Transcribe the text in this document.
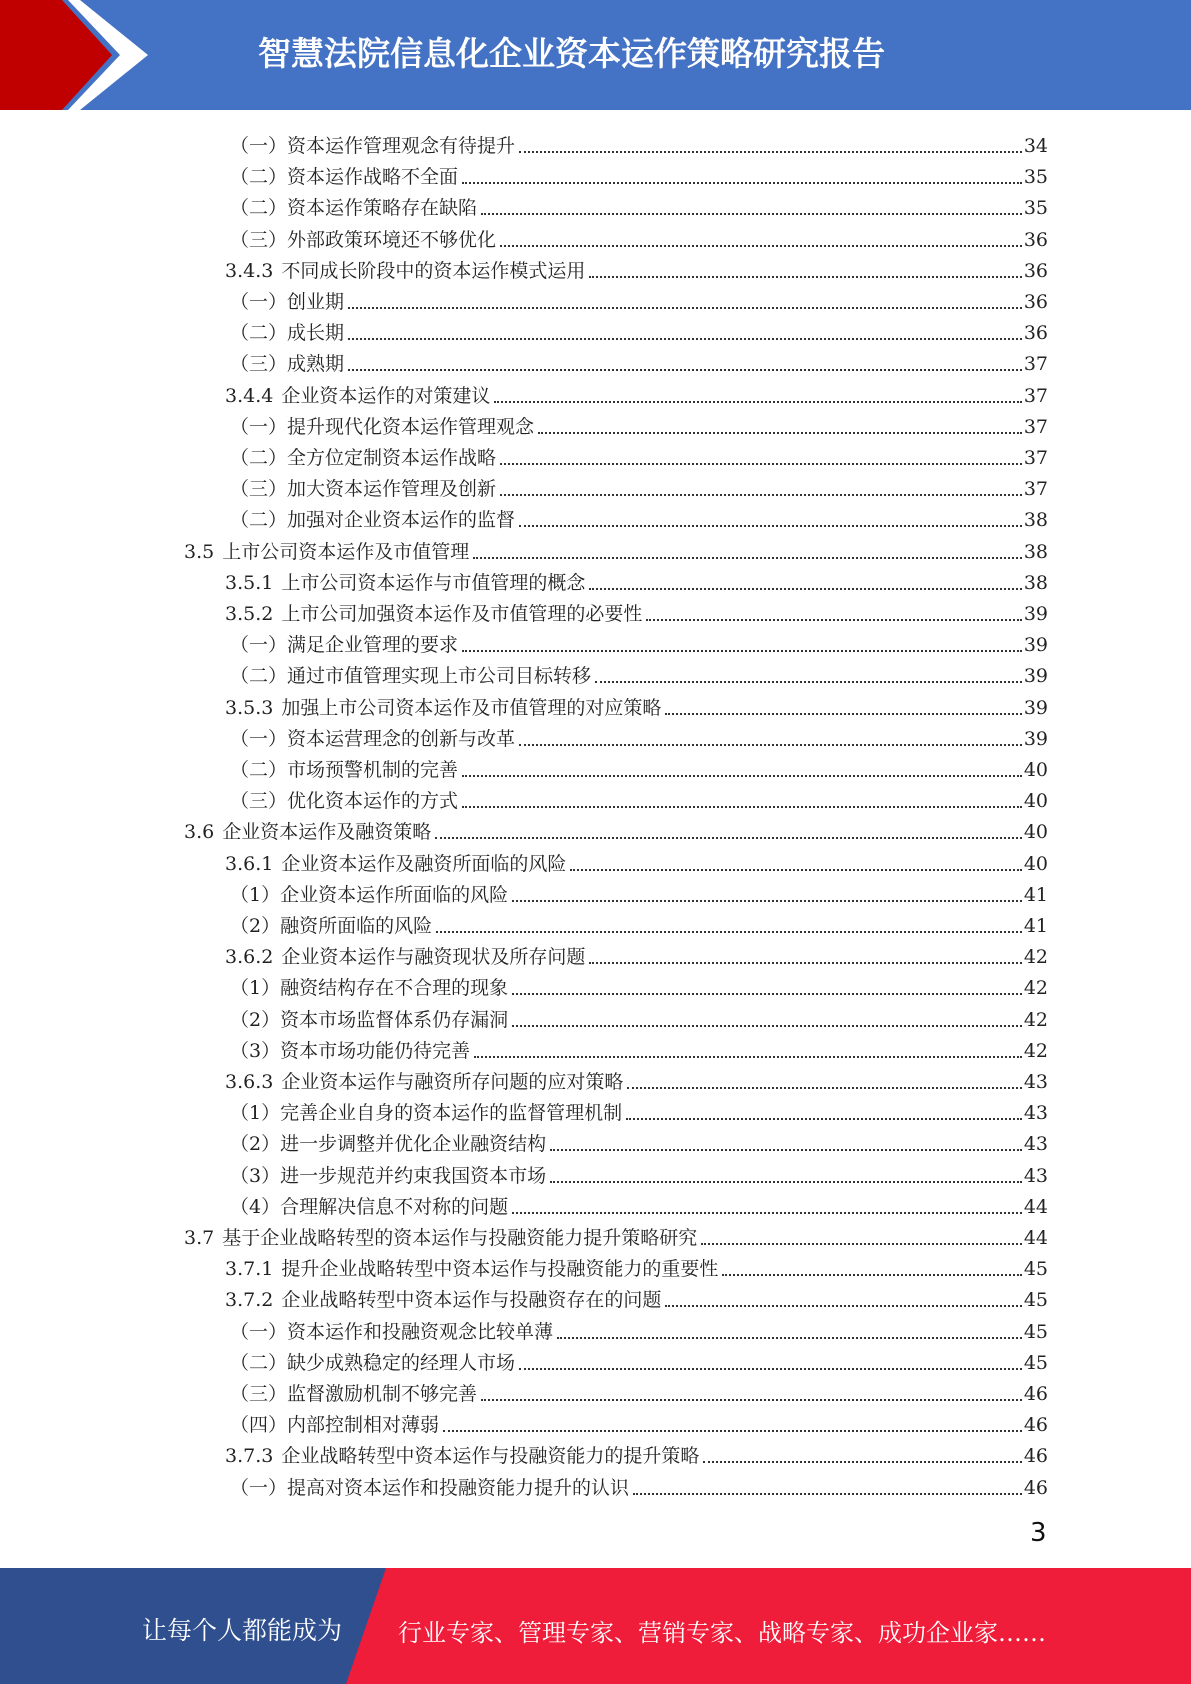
智慧法院信息化企业资本运作策略研究报告
（一） 资本运作管理观念有待提升	34
（二） 资本运作战略不全面	35
（二） 资本运作策略存在缺陷	35
（三） 外部政策环境还不够优化	36
3.4.3 不同成长阶段中的资本运作模式运用	36
（一） 创业期	36
（二） 成长期	36
（三） 成熟期	37
3.4.4 企业资本运作的对策建议	37
（一） 提升现代化资本运作管理观念	37
（二） 全方位定制资本运作战略	37
（三） 加大资本运作管理及创新	37
（二） 加强对企业资本运作的监督	38
3.5 上市公司资本运作及市值管理	38
3.5.1 上市公司资本运作与市值管理的概念	38
3.5.2 上市公司加强资本运作及市值管理的必要性	39
（一） 满足企业管理的要求	39
（二） 通过市值管理实现上市公司目标转移	39
3.5.3 加强上市公司资本运作及市值管理的对应策略	39
（一） 资本运营理念的创新与改革	39
（二） 市场预警机制的完善	40
（三） 优化资本运作的方式	40
3.6 企业资本运作及融资策略	40
3.6.1 企业资本运作及融资所面临的风险	40
（1） 企业资本运作所面临的风险	41
（2） 融资所面临的风险	41
3.6.2 企业资本运作与融资现状及所存问题	42
（1） 融资结构存在不合理的现象	42
（2） 资本市场监督体系仍存漏洞	42
（3） 资本市场功能仍待完善	42
3.6.3 企业资本运作与融资所存问题的应对策略	43
（1） 完善企业自身的资本运作的监督管理机制	43
（2） 进一步调整并优化企业融资结构	43
（3） 进一步规范并约束我国资本市场	43
（4） 合理解决信息不对称的问题	44
3.7 基于企业战略转型的资本运作与投融资能力提升策略研究	44
3.7.1 提升企业战略转型中资本运作与投融资能力的重要性	45
3.7.2 企业战略转型中资本运作与投融资存在的问题	45
（一） 资本运作和投融资观念比较单薄	45
（二） 缺少成熟稳定的经理人市场	45
（三） 监督激励机制不够完善	46
（四） 内部控制相对薄弱	46
3.7.3 企业战略转型中资本运作与投融资能力的提升策略	46
（一） 提高对资本运作和投融资能力提升的认识	46
3
让每个人都能成为 行业专家、管理专家、营销专家、战略专家、成功企业家……
